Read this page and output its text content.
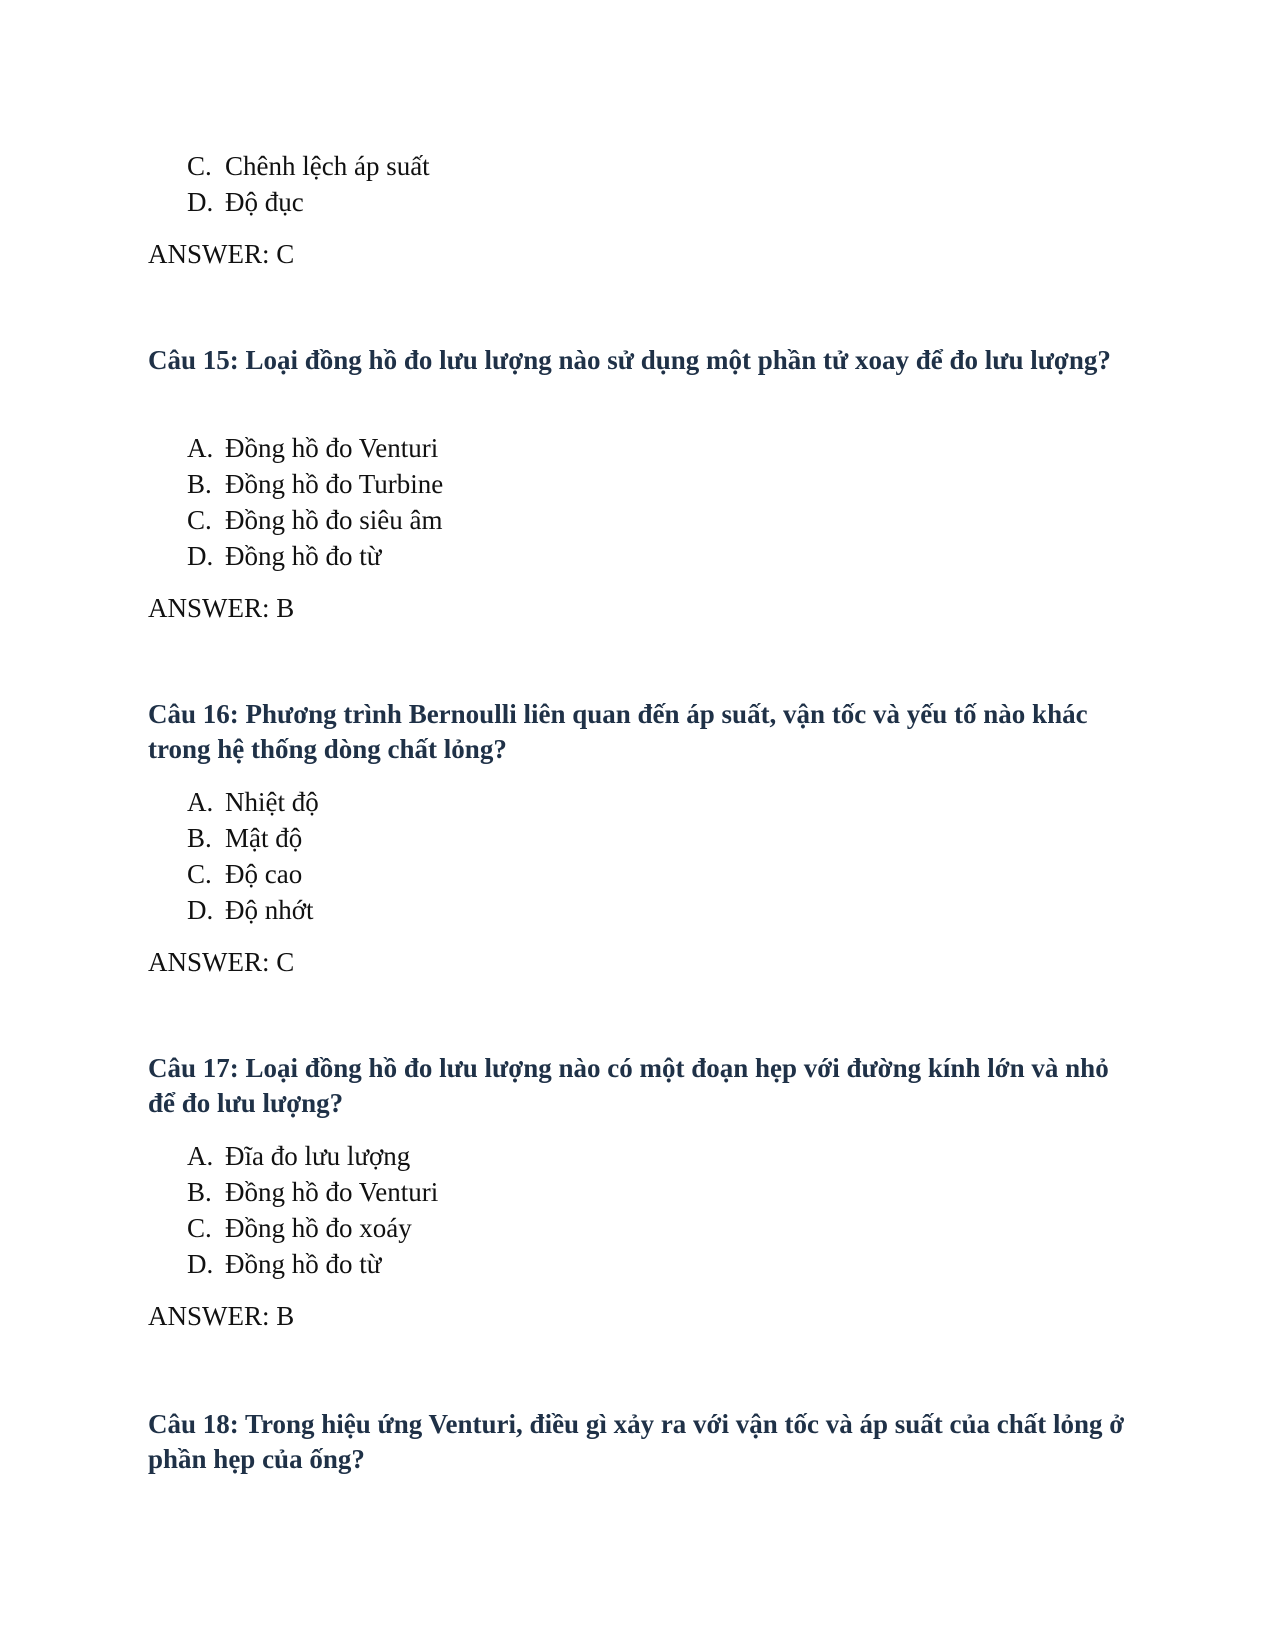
C. Chênh lệch áp suất
D. Độ đục
ANSWER: C
Câu 15: Loại đồng hồ đo lưu lượng nào sử dụng một phần tử xoay để đo lưu lượng?
A. Đồng hồ đo Venturi
B. Đồng hồ đo Turbine
C. Đồng hồ đo siêu âm
D. Đồng hồ đo từ
ANSWER: B
Câu 16: Phương trình Bernoulli liên quan đến áp suất, vận tốc và yếu tố nào khác trong hệ thống dòng chất lỏng?
A. Nhiệt độ
B. Mật độ
C. Độ cao
D. Độ nhớt
ANSWER: C
Câu 17: Loại đồng hồ đo lưu lượng nào có một đoạn hẹp với đường kính lớn và nhỏ để đo lưu lượng?
A. Đĩa đo lưu lượng
B. Đồng hồ đo Venturi
C. Đồng hồ đo xoáy
D. Đồng hồ đo từ
ANSWER: B
Câu 18: Trong hiệu ứng Venturi, điều gì xảy ra với vận tốc và áp suất của chất lỏng ở phần hẹp của ống?
